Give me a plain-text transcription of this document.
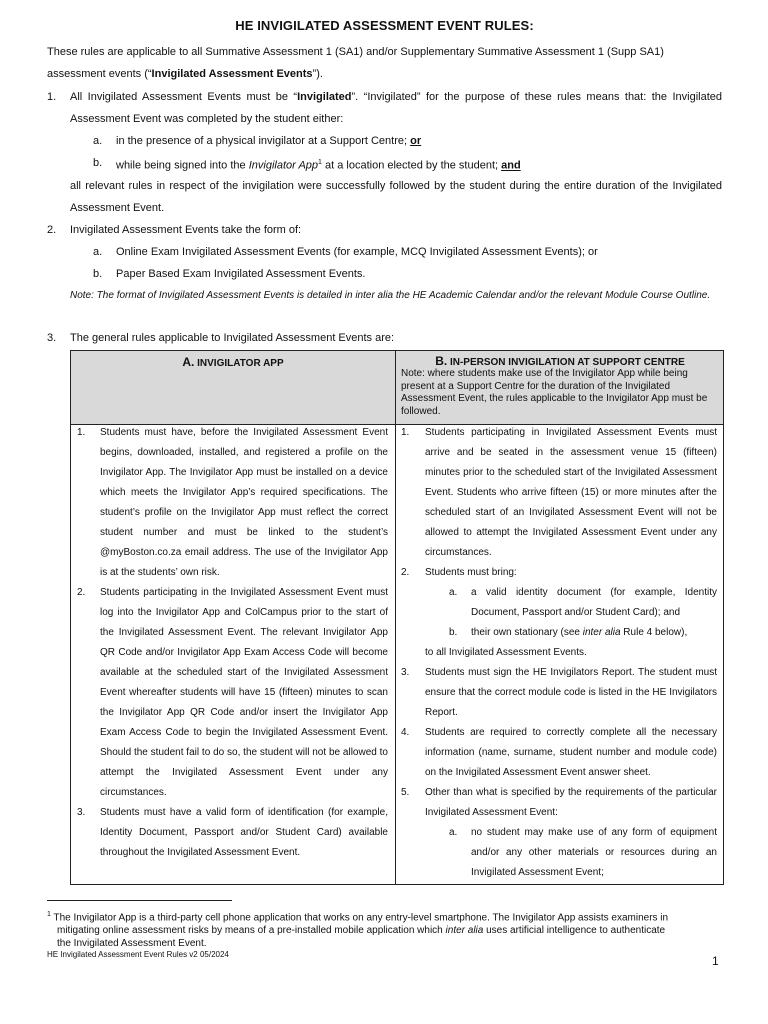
HE INVIGILATED ASSESSMENT EVENT RULES:
These rules are applicable to all Summative Assessment 1 (SA1) and/or Supplementary Summative Assessment 1 (Supp SA1)
assessment events (“Invigilated Assessment Events”).
1. All Invigilated Assessment Events must be “Invigilated”. “Invigilated” for the purpose of these rules means that: the Invigilated Assessment Event was completed by the student either:
a. in the presence of a physical invigilator at a Support Centre; or
b. while being signed into the Invigilator App$^1$ at a location elected by the student; and
all relevant rules in respect of the invigilation were successfully followed by the student during the entire duration of the Invigilated Assessment Event.
2. Invigilated Assessment Events take the form of:
a. Online Exam Invigilated Assessment Events (for example, MCQ Invigilated Assessment Events); or
b. Paper Based Exam Invigilated Assessment Events.
Note: The format of Invigilated Assessment Events is detailed in inter alia the HE Academic Calendar and/or the relevant Module Course Outline.
3. The general rules applicable to Invigilated Assessment Events are:
A. INVIGILATOR APP	B. IN-PERSON INVIGILATION AT SUPPORT CENTRE
Note: where students make use of the Invigilator App while being present at a Support Centre for the duration of the Invigilated Assessment Event, the rules applicable to the Invigilator App must be followed.
1. Students must have, before the Invigilated Assessment Event begins, downloaded, installed, and registered a profile on the Invigilator App. The Invigilator App must be installed on a device which meets the Invigilator App’s required specifications. The student’s profile on the Invigilator App must reflect the correct student number and must be linked to the student’s @myBoston.co.za email address. The use of the Invigilator App is at the students’ own risk.
2. Students participating in the Invigilated Assessment Event must log into the Invigilator App and ColCampus prior to the start of the Invigilated Assessment Event. The relevant Invigilator App QR Code and/or Invigilator App Exam Access Code will become available at the scheduled start of the Invigilated Assessment Event whereafter students will have 15 (fifteen) minutes to scan the Invigilator App QR Code and/or insert the Invigilator App Exam Access Code to begin the Invigilated Assessment Event. Should the student fail to do so, the student will not be allowed to attempt the Invigilated Assessment Event under any circumstances.
3. Students must have a valid form of identification (for example, Identity Document, Passport and/or Student Card) available throughout the Invigilated Assessment Event.
1. Students participating in Invigilated Assessment Events must arrive and be seated in the assessment venue 15 (fifteen) minutes prior to the scheduled start of the Invigilated Assessment Event. Students who arrive fifteen (15) or more minutes after the scheduled start of an Invigilated Assessment Event will not be allowed to attempt the Invigilated Assessment Event under any circumstances.
2. Students must bring:
a. a valid identity document (for example, Identity Document, Passport and/or Student Card); and
b. their own stationary (see inter alia Rule 4 below),
to all Invigilated Assessment Events.
3. Students must sign the HE Invigilators Report. The student must ensure that the correct module code is listed in the HE Invigilators Report.
4. Students are required to correctly complete all the necessary information (name, surname, student number and module code) on the Invigilated Assessment Event answer sheet.
5. Other than what is specified by the requirements of the particular Invigilated Assessment Event:
a. no student may make use of any form of equipment and/or any other materials or resources during an Invigilated Assessment Event;
$^1$ The Invigilator App is a third-party cell phone application that works on any entry-level smartphone. The Invigilator App assists examiners in
mitigating online assessment risks by means of a pre-installed mobile application which inter alia uses artificial intelligence to authenticate
the Invigilated Assessment Event.
HE Invigilated Assessment Event Rules v2 05/2024	1
